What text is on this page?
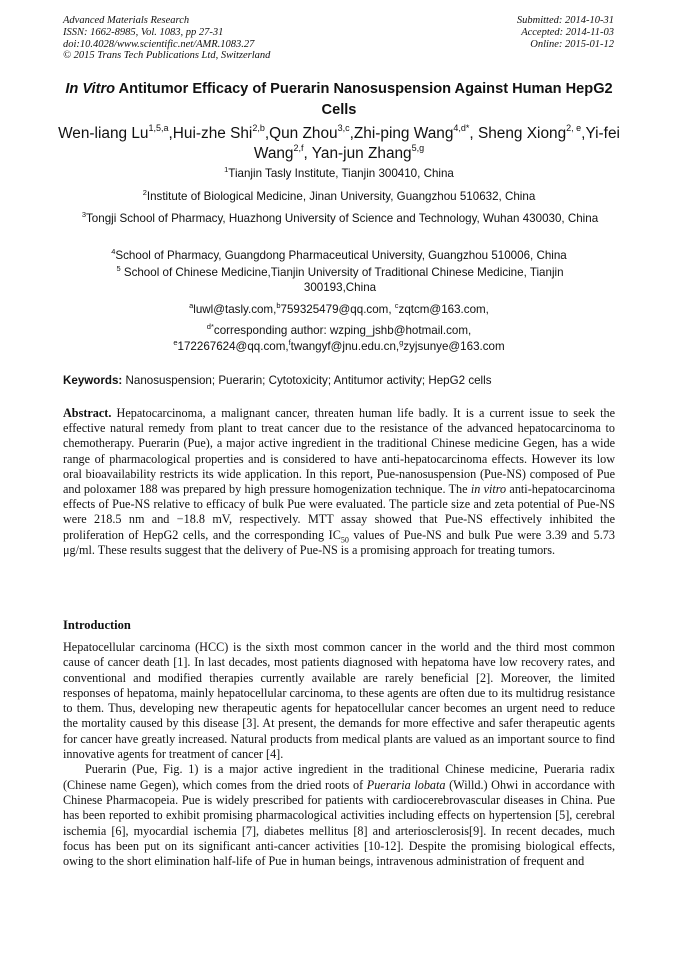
Advanced Materials Research
ISSN: 1662-8985, Vol. 1083, pp 27-31
doi:10.4028/www.scientific.net/AMR.1083.27
© 2015 Trans Tech Publications Ltd, Switzerland
Submitted: 2014-10-31
Accepted: 2014-11-03
Online: 2015-01-12
In Vitro Antitumor Efficacy of Puerarin Nanosuspension Against Human HepG2 Cells
Wen-liang Lu$^{1,5,a}$,Hui-zhe Shi$^{2,b}$,Qun Zhou$^{3,c}$,Zhi-ping Wang$^{4,d*}$, Sheng Xiong$^{2, e}$,Yi-fei Wang$^{2,f}$, Yan-jun Zhang$^{5,g}$
$^1$Tianjin Tasly Institute, Tianjin 300410, China
$^2$Institute of Biological Medicine, Jinan University, Guangzhou 510632, China
$^3$Tongji School of Pharmacy, Huazhong University of Science and Technology, Wuhan 430030, China
$^4$School of Pharmacy, Guangdong Pharmaceutical University, Guangzhou 510006, China
$^5$ School of Chinese Medicine,Tianjin University of Traditional Chinese Medicine, Tianjin 300193,China
$^a$luwl@tasly.com,$^b$759325479@qq.com, $^c$zqtcm@163.com,
$^{d*}$corresponding author: wzping_jshb@hotmail.com,
$^e$172267624@qq.com,$^f$twangyf@jnu.edu.cn,$^g$zyjsunye@163.com
Keywords: Nanosuspension; Puerarin; Cytotoxicity; Antitumor activity; HepG2 cells
Abstract. Hepatocarcinoma, a malignant cancer, threaten human life badly. It is a current issue to seek the effective natural remedy from plant to treat cancer due to the resistance of the advanced hepatocarcinoma to chemotherapy. Puerarin (Pue), a major active ingredient in the traditional Chinese medicine Gegen, has a wide range of pharmacological properties and is considered to have anti-hepatocarcinoma effects. However its low oral bioavailability restricts its wide application. In this report, Pue-nanosuspension (Pue-NS) composed of Pue and poloxamer 188 was prepared by high pressure homogenization technique. The in vitro anti-hepatocarcinoma effects of Pue-NS relative to efficacy of bulk Pue were evaluated. The particle size and zeta potential of Pue-NS were 218.5 nm and −18.8 mV, respectively. MTT assay showed that Pue-NS effectively inhibited the proliferation of HepG2 cells, and the corresponding $IC_{50}$ values of Pue-NS and bulk Pue were 3.39 and 5.73 μg/ml. These results suggest that the delivery of Pue-NS is a promising approach for treating tumors.
Introduction

Hepatocellular carcinoma (HCC) is the sixth most common cancer in the world and the third most common cause of cancer death [1]. In last decades, most patients diagnosed with hepatoma have low recovery rates, and conventional and modified therapies currently available are rarely beneficial [2]. Moreover, the limited responses of hepatoma, mainly hepatocellular carcinoma, to these agents are often due to its multidrug resistance to them. Thus, developing new therapeutic agents for hepatocellular cancer becomes an urgent need to reduce the mortality caused by this disease [3]. At present, the demands for more effective and safer therapeutic agents for cancer have greatly increased. Natural products from medical plants are valued as an important source to find innovative agents for treatment of cancer [4].

Puerarin (Pue, Fig. 1) is a major active ingredient in the traditional Chinese medicine, Pueraria radix (Chinese name Gegen), which comes from the dried roots of Pueraria lobata (Willd.) Ohwi in accordance with Chinese Pharmacopeia. Pue is widely prescribed for patients with cardiocerebrovascular diseases in China. Pue has been reported to exhibit promising pharmacological activities including effects on hypertension [5], cerebral ischemia [6], myocardial ischemia [7], diabetes mellitus [8] and arteriosclerosis[9]. In recent decades, much focus has been put on its significant anti-cancer activities [10-12]. Despite the promising biological effects, owing to the short elimination half-life of Pue in human beings, intravenous administration of frequent and
